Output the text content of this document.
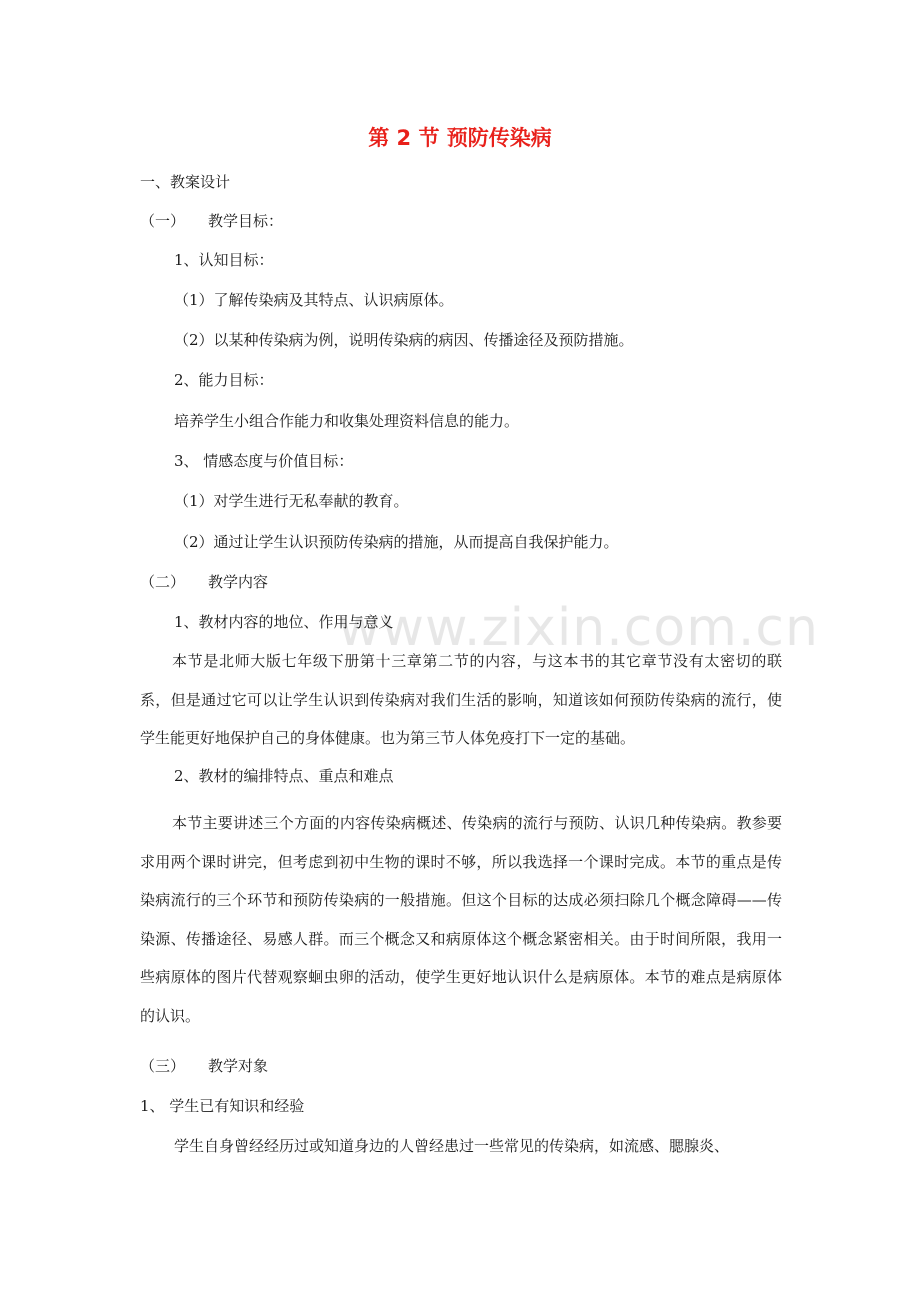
www.zixin.com.cn
第 2 节 预防传染病
一、教案设计
（一） 教学目标：
1、认知目标：
（1）了解传染病及其特点、认识病原体。
（2）以某种传染病为例，说明传染病的病因、传播途径及预防措施。
2、能力目标：
培养学生小组合作能力和收集处理资料信息的能力。
3、 情感态度与价值目标：
（1）对学生进行无私奉献的教育。
（2）通过让学生认识预防传染病的措施，从而提高自我保护能力。
（二） 教学内容
1、教材内容的地位、作用与意义
本节是北师大版七年级下册第十三章第二节的内容，与这本书的其它章节没有太密切的联系，但是通过它可以让学生认识到传染病对我们生活的影响，知道该如何预防传染病的流行，使学生能更好地保护自己的身体健康。也为第三节人体免疫打下一定的基础。
2、教材的编排特点、重点和难点
本节主要讲述三个方面的内容传染病概述、传染病的流行与预防、认识几种传染病。教参要求用两个课时讲完，但考虑到初中生物的课时不够，所以我选择一个课时完成。本节的重点是传染病流行的三个环节和预防传染病的一般措施。但这个目标的达成必须扫除几个概念障碍——传染源、传播途径、易感人群。而三个概念又和病原体这个概念紧密相关。由于时间所限，我用一些病原体的图片代替观察蛔虫卵的活动，使学生更好地认识什么是病原体。本节的难点是病原体的认识。
（三） 教学对象
1、 学生已有知识和经验
学生自身曾经经历过或知道身边的人曾经患过一些常见的传染病，如流感、腮腺炎、
